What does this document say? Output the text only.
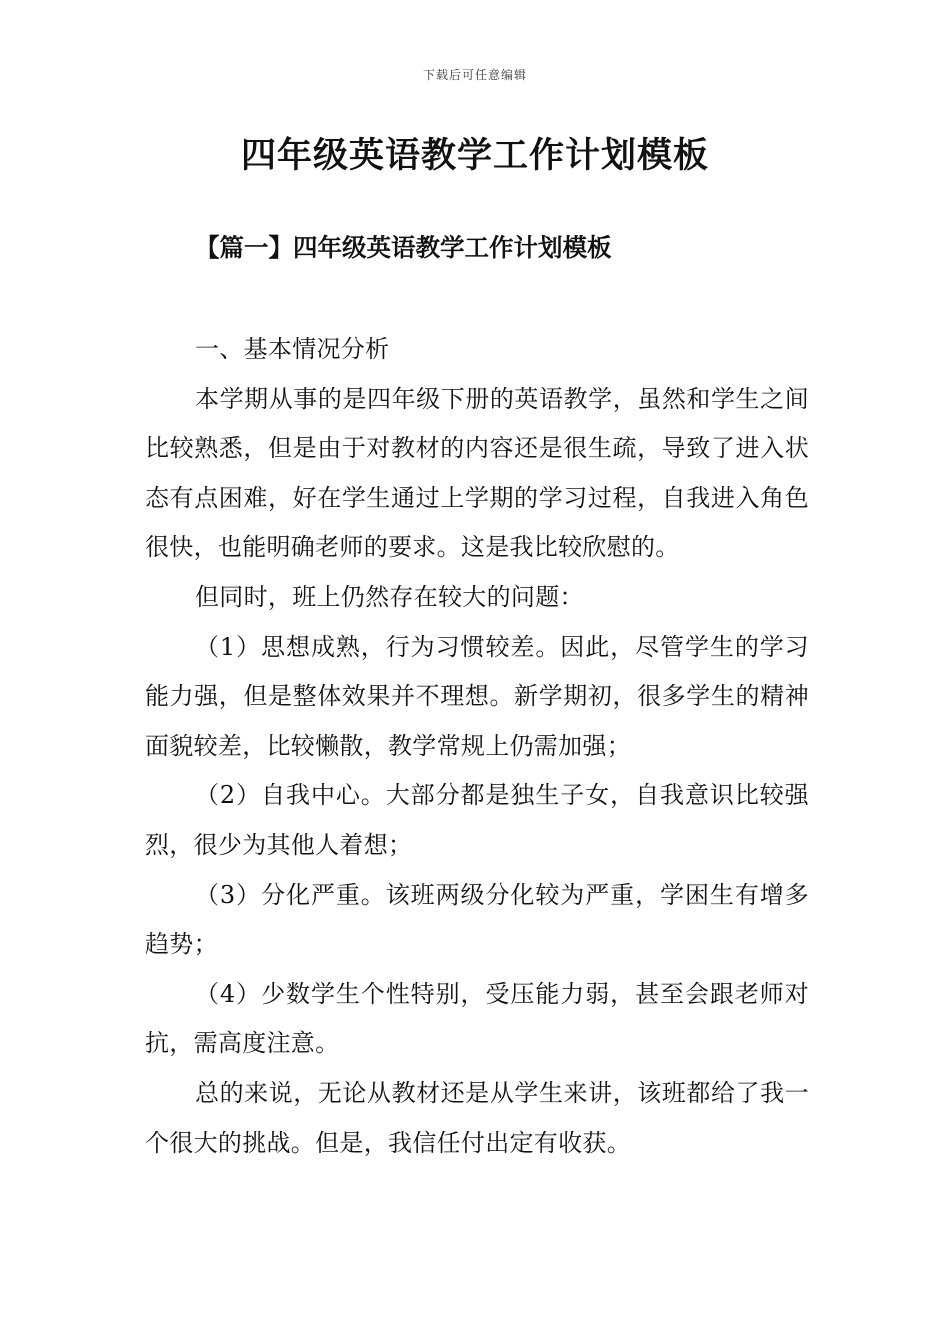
下载后可任意编辑
四年级英语教学工作计划模板
【篇一】四年级英语教学工作计划模板

一、基本情况分析

本学期从事的是四年级下册的英语教学，虽然和学生之间比较熟悉，但是由于对教材的内容还是很生疏，导致了进入状态有点困难，好在学生通过上学期的学习过程，自我进入角色很快，也能明确老师的要求。这是我比较欣慰的。

但同时，班上仍然存在较大的问题：

（1）思想成熟，行为习惯较差。因此，尽管学生的学习能力强，但是整体效果并不理想。新学期初，很多学生的精神面貌较差，比较懒散，教学常规上仍需加强；

（2）自我中心。大部分都是独生子女，自我意识比较强烈，很少为其他人着想；

（3）分化严重。该班两级分化较为严重，学困生有增多趋势；

（4）少数学生个性特别，受压能力弱，甚至会跟老师对抗，需高度注意。

总的来说，无论从教材还是从学生来讲，该班都给了我一个很大的挑战。但是，我信任付出定有收获。
